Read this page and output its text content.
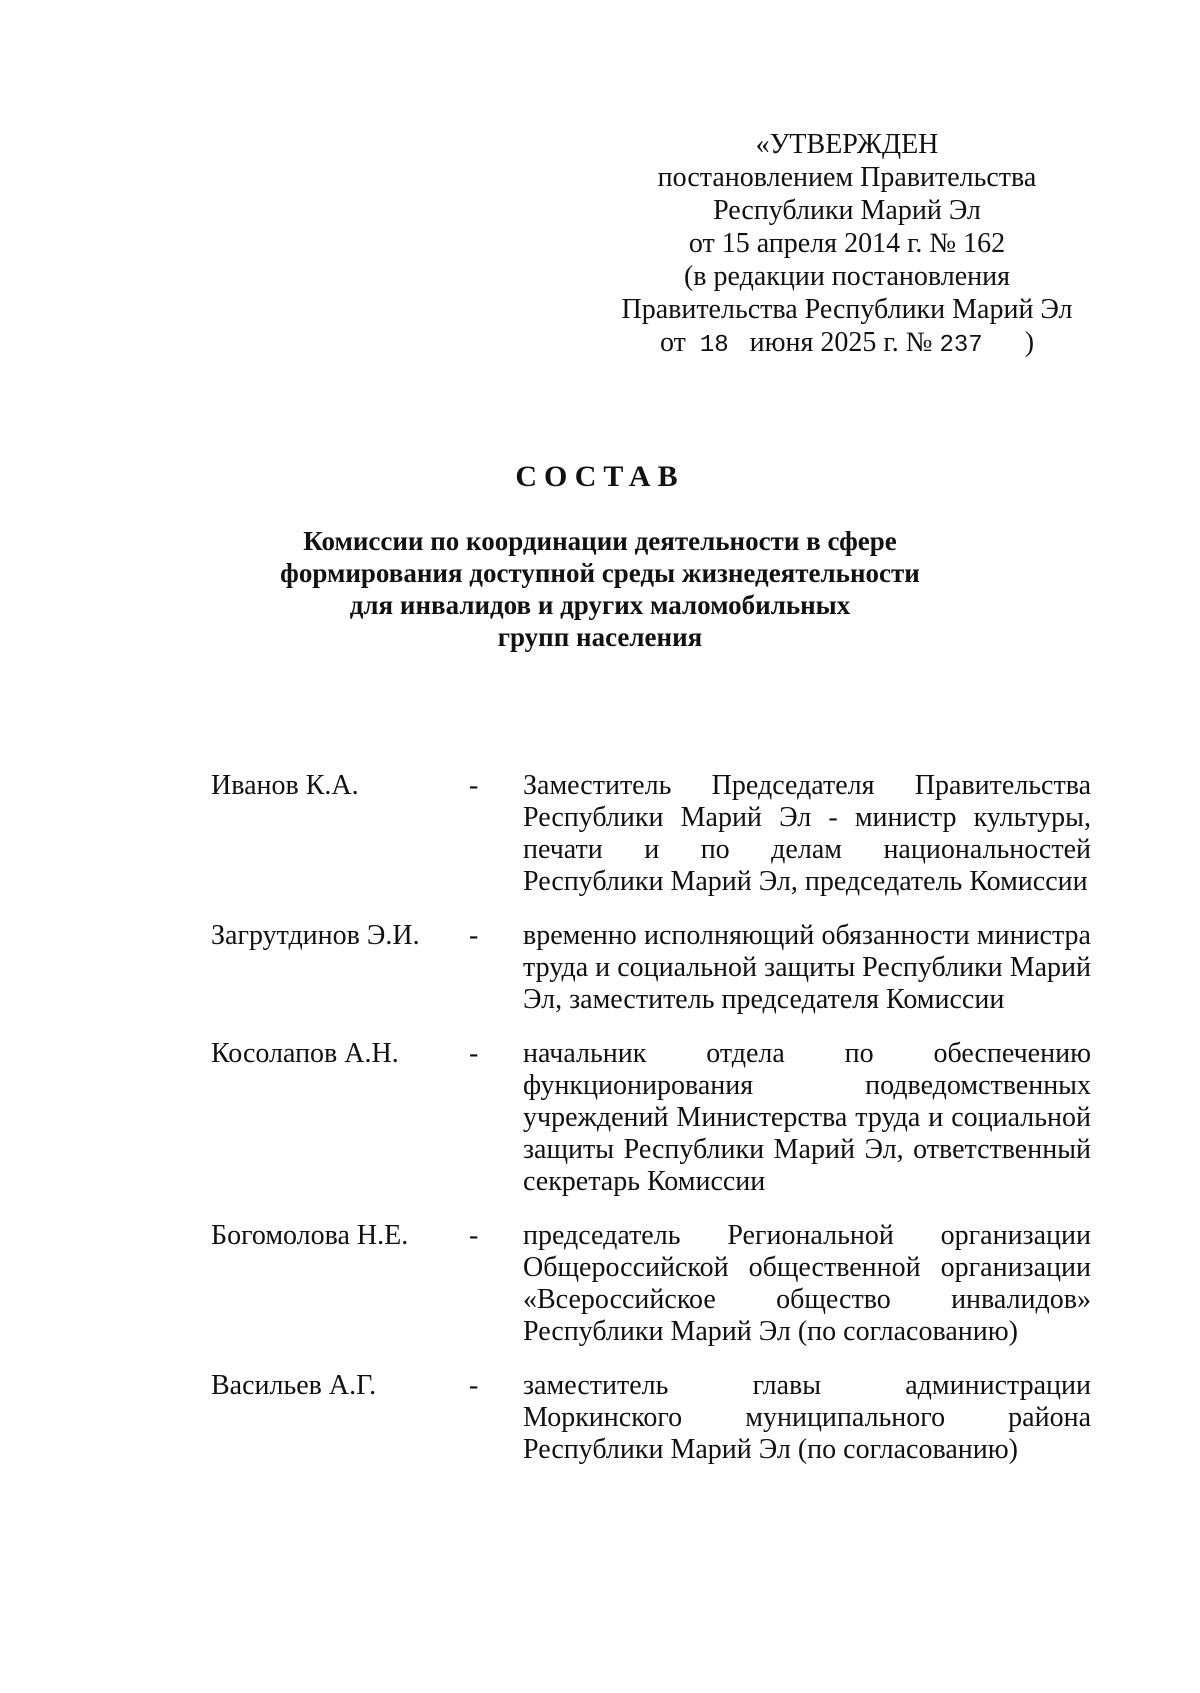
«УТВЕРЖДЕН
постановлением Правительства
Республики Марий Эл
от 15 апреля 2014 г. № 162
(в редакции постановления
Правительства Республики Марий Эл
от 18 июня 2025 г. № 237 )
СОСТАВ
Комиссии по координации деятельности в сфере
формирования доступной среды жизнедеятельности
для инвалидов и других маломобильных
групп населения
Иванов К.А.	-	Заместитель Председателя Правительства Республики Марий Эл - министр культуры, печати и по делам национальностей Республики Марий Эл, председатель Комиссии
Загрутдинов Э.И.	-	временно исполняющий обязанности министра труда и социальной защиты Республики Марий Эл, заместитель председателя Комиссии
Косолапов А.Н.	-	начальник отдела по обеспечению функционирования подведомственных учреждений Министерства труда и социальной защиты Республики Марий Эл, ответственный секретарь Комиссии
Богомолова Н.Е.	-	председатель Региональной организации Общероссийской общественной организации «Всероссийское общество инвалидов» Республики Марий Эл (по согласованию)
Васильев А.Г.	-	заместитель главы администрации Моркинского муниципального района Республики Марий Эл (по согласованию)
